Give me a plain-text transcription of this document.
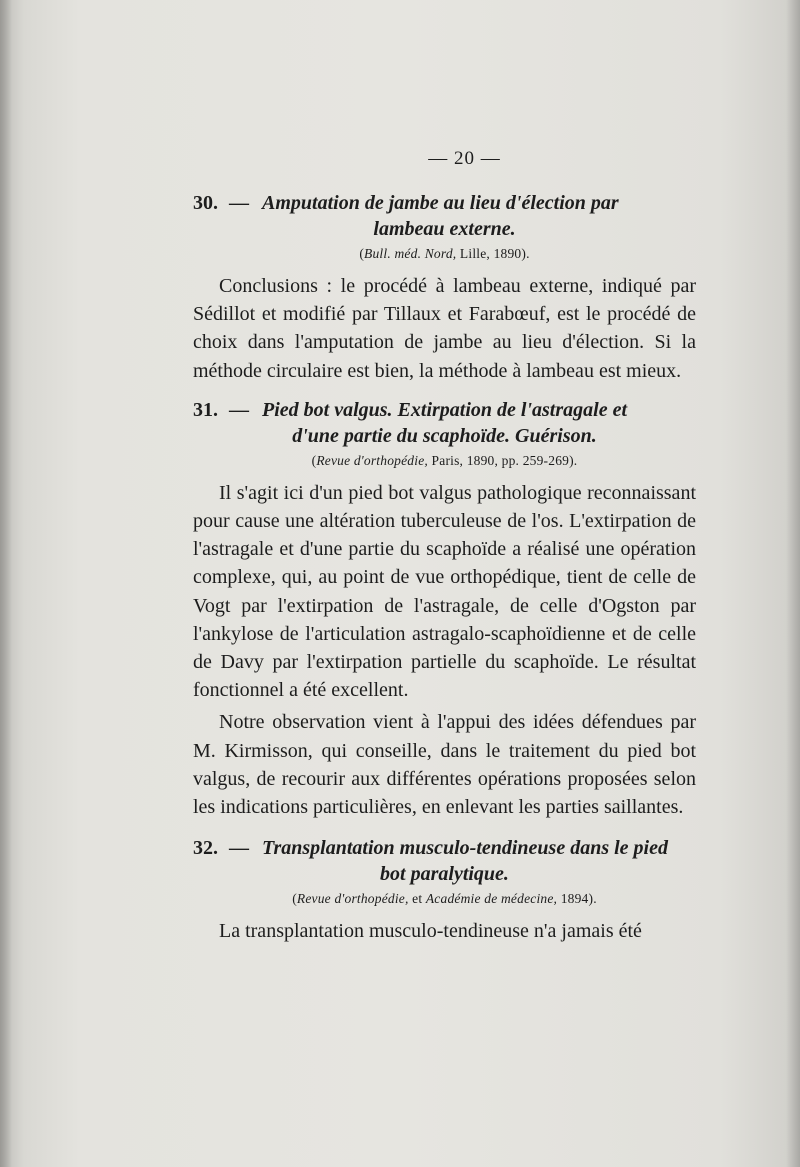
— 20 —
30. — Amputation de jambe au lieu d'élection par
lambeau externe.
(Bull. méd. Nord, Lille, 1890).

Conclusions : le procédé à lambeau externe, indiqué par Sédillot et modifié par Tillaux et Farabœuf, est le procédé de choix dans l'amputation de jambe au lieu d'élection. Si la méthode circulaire est bien, la méthode à lambeau est mieux.

31. — Pied bot valgus. Extirpation de l'astragale et
d'une partie du scaphoïde. Guérison.
(Revue d'orthopédie, Paris, 1890, pp. 259-269).

Il s'agit ici d'un pied bot valgus pathologique reconnaissant pour cause une altération tuberculeuse de l'os. L'extirpation de l'astragale et d'une partie du scaphoïde a réalisé une opération complexe, qui, au point de vue orthopédique, tient de celle de Vogt par l'extirpation de l'astragale, de celle d'Ogston par l'ankylose de l'articulation astragalo-scaphoïdienne et de celle de Davy par l'extirpation partielle du scaphoïde. Le résultat fonctionnel a été excellent.

Notre observation vient à l'appui des idées défendues par M. Kirmisson, qui conseille, dans le traitement du pied bot valgus, de recourir aux différentes opérations proposées selon les indications particulières, en enlevant les parties saillantes.

32. — Transplantation musculo-tendineuse dans le pied
bot paralytique.
(Revue d'orthopédie, et Académie de médecine, 1894).

La transplantation musculo-tendineuse n'a jamais été
